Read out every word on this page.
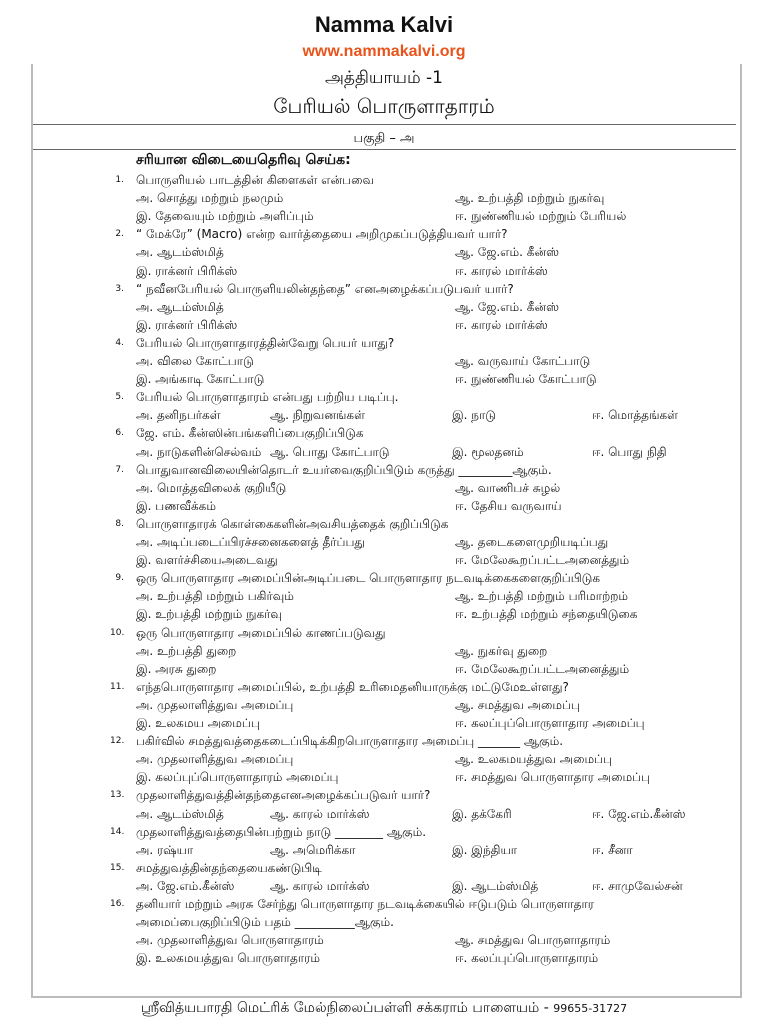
Namma Kalvi
www.nammakalvi.org
அத்தியாயம் -1
பேரியல் பொருளாதாரம்
பகுதி – அ
சரியான விடையைதெரிவு செய்க:
1. பொருளியல் பாடத்தின் கிளைகள் என்பவை
அ. சொத்து மற்றும் நலமும்	ஆ. உற்பத்தி மற்றும் நுகர்வு
இ. தேவையும் மற்றும் அளிப்பும்	ஈ. நுண்ணியல் மற்றும் பேரியல்
2. “ மேக்ரே” (Macro) என்ற வார்த்தையை அறிமுகப்படுத்தியவர் யார்?
அ. ஆடம்ஸ்மித்	ஆ. ஜே.எம். கீன்ஸ்
இ. ராக்னர் பிரிக்ஸ்	ஈ. காரல் மார்க்ஸ்
3. “ நவீனபேரியல் பொருளியலின்தந்தை” எனஅழைக்கப்படுபவர் யார்?
அ. ஆடம்ஸ்மித்	ஆ. ஜே.எம். கீன்ஸ்
இ. ராக்னர் பிரிக்ஸ்	ஈ. காரல் மார்க்ஸ்
4. பேரியல் பொருளாதாரத்தின்வேறு பெயர் யாது?
அ. விலை கோட்பாடு	ஆ. வருவாய் கோட்பாடு
இ. அங்காடி கோட்பாடு	ஈ. நுண்ணியல் கோட்பாடு
5. பேரியல் பொருளாதாரம் என்பது பற்றிய படிப்பு.
அ. தனிநபர்கள்	ஆ. நிறுவனங்கள்	இ. நாடு	ஈ. மொத்தங்கள்
6. ஜே. எம். கீன்ஸின்பங்களிப்பைகுறிப்பிடுக
அ. நாடுகளின்செல்வம் ஆ. பொது கோட்பாடு	இ. மூலதனம்	ஈ. பொது நிதி
7. பொதுவானவிலையின்தொடர் உயர்வைகுறிப்பிடும் கருத்து _________ஆகும்.
அ. மொத்தவிலைக் குறியீடு	ஆ. வாணிபச் சுழல்
இ. பணவீக்கம்	ஈ. தேசிய வருவாய்
8. பொருளாதாரக் கொள்கைகளின்அவசியத்தைக் குறிப்பிடுக
அ. அடிப்படைப்பிரச்சனைகளைத் தீர்ப்பது	ஆ. தடைகளைமுறியடிப்பது
இ. வளர்ச்சியைஅடைவது	ஈ. மேலேகூறப்பட்டஅனைத்தும்
9. ஒரு பொருளாதார அமைப்பின்அடிப்படை பொருளாதார நடவடிக்கைகளைகுறிப்பிடுக
அ. உற்பத்தி மற்றும் பகிர்வும்	ஆ. உற்பத்தி மற்றும் பரிமாற்றம்
இ. உற்பத்தி மற்றும் நுகர்வு	ஈ. உற்பத்தி மற்றும் சந்தையிடுகை
10. ஒரு பொருளாதார அமைப்பில் காணப்படுவது
அ. உற்பத்தி துறை	ஆ. நுகர்வு துறை
இ. அரசு துறை	ஈ. மேலேகூறப்பட்டஅனைத்தும்
11. எந்தபொருளாதார அமைப்பில், உற்பத்தி உரிமைதனியாருக்கு மட்டுமேஉள்ளது?
அ. முதலாளித்துவ அமைப்பு	ஆ. சமத்துவ அமைப்பு
இ. உலகமய அமைப்பு	ஈ. கலப்புப்பொருளாதார அமைப்பு
12. பகிர்வில் சமத்துவத்தைகடைப்பிடிக்கிறபொருளாதார அமைப்பு _______ ஆகும்.
அ. முதலாளித்துவ அமைப்பு	ஆ. உலகமயத்துவ அமைப்பு
இ. கலப்புப்பொருளாதாரம் அமைப்பு	ஈ. சமத்துவ பொருளாதார அமைப்பு
13. முதலாளித்துவத்தின்தந்தைஎனஅழைக்கப்படுவர் யார்?
அ. ஆடம்ஸ்மித்	ஆ. காரல் மார்க்ஸ்	இ. தக்கேரி	ஈ. ஜே.எம்.கீன்ஸ்
14. முதலாளித்துவத்தைபின்பற்றும் நாடு ________ ஆகும்.
அ. ரஷ்யா	ஆ. அமெரிக்கா	இ. இந்தியா	ஈ. சீனா
15. சமத்துவத்தின்தந்தையைகண்டுபிடி
அ. ஜே.எம்.கீன்ஸ்	ஆ. காரல் மார்க்ஸ்	இ. ஆடம்ஸ்மித்	ஈ. சாமுவேல்சன்
16. தனியார் மற்றும் அரசு சேர்ந்து பொருளாதார நடவடிக்கையில் ஈடுபடும் பொருளாதார
அமைப்பைகுறிப்பிடும் பதம் __________ஆகும்.
அ. முதலாளித்துவ பொருளாதாரம்	ஆ. சமத்துவ பொருளாதாரம்
இ. உலகமயத்துவ பொருளாதாரம்	ஈ. கலப்புப்பொருளாதாரம்
ஸ்ரீவித்யபாரதி மெட்ரிக் மேல்நிலைப்பள்ளி சக்கராம் பாளையம் - 99655-31727
